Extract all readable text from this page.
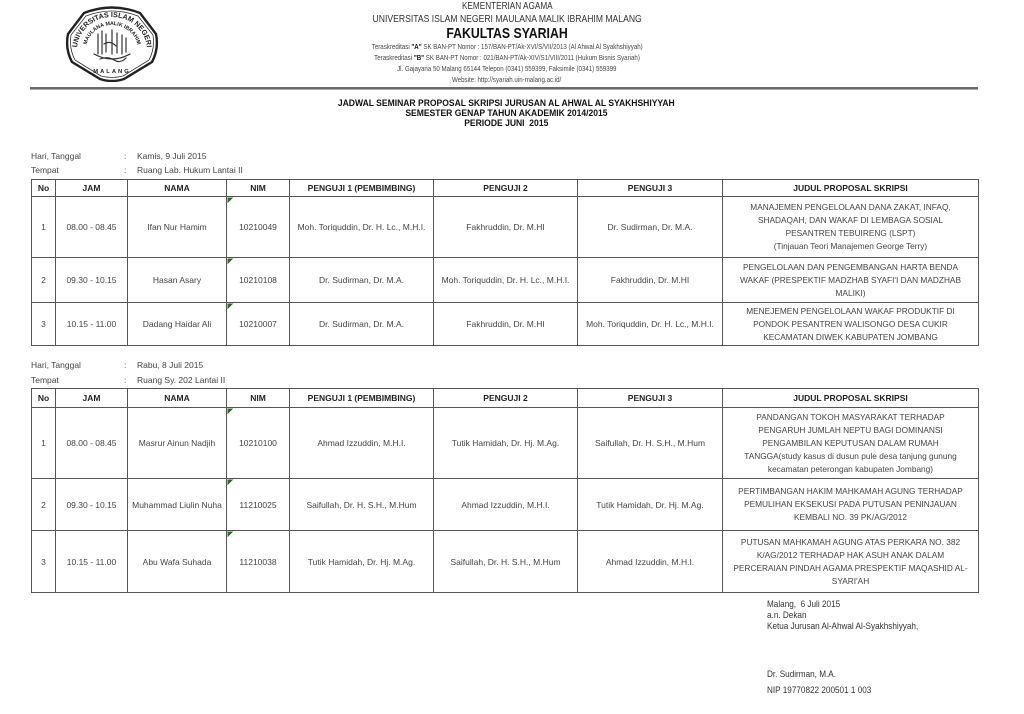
UNIVERSITAS ISLAM NEGERI
MAULANA MALIK IBRAHIM
MALANG
KEMENTERIAN AGAMA
UNIVERSITAS ISLAM NEGERI MAULANA MALIK IBRAHIM MALANG
FAKULTAS SYARIAH
Teraskreditasi "A" SK BAN-PT Nomor : 157/BAN-PT/Ak-XVI/S/VII/2013 (Al Ahwal Al Syakhshiyyah)
Teraskreditasi "B" SK BAN-PT Nomor : 021/BAN-PT/Ak-XIV/S1/VIII/2011 (Hukum Bisnis Syariah)
Jl. Gajayana 50 Malang 65144 Telepon (0341) 559399, Faksimile (0341) 559399
Website: http://syariah.uin-malang.ac.id/
JADWAL SEMINAR PROPOSAL SKRIPSI JURUSAN AL AHWAL AL SYAKHSHIYYAH
SEMESTER GENAP TAHUN AKADEMIK 2014/2015
PERIODE JUNI  2015
Hari, Tanggal	: Kamis, 9 Juli 2015
Tempat	: Ruang Lab. Hukum Lantai II
No	JAM	NAMA	NIM	PENGUJI 1 (PEMBIMBING)	PENGUJI 2	PENGUJI 3	JUDUL PROPOSAL SKRIPSI
1	08.00 - 08.45	Ifan Nur Hamim	10210049	Moh. Toriquddin, Dr. H. Lc., M.H.I.	Fakhruddin, Dr. M.HI	Dr. Sudirman, Dr. M.A.	MANAJEMEN PENGELOLAAN DANA ZAKAT, INFAQ,
SHADAQAH, DAN WAKAF DI LEMBAGA SOSIAL
PESANTREN TEBUIRENG (LSPT)
(Tinjauan Teori Manajemen George Terry)

2	09.30 - 10.15	Hasan Asary	10210108	Dr. Sudirman, Dr. M.A.	Moh. Toriquddin, Dr. H. Lc., M.H.I.	Fakhruddin, Dr. M.HI	PENGELOLAAN DAN PENGEMBANGAN HARTA BENDA
WAKAF (PRESPEKTIF MADZHAB SYAFI'I DAN MADZHAB
MALIKI)

3	10.15 - 11.00	Dadang Haidar Ali	10210007	Dr. Sudirman, Dr. M.A.	Fakhruddin, Dr. M.HI	Moh. Toriquddin, Dr. H. Lc., M.H.I.	MENEJEMEN PENGELOLAAN WAKAF PRODUKTIF DI
PONDOK PESANTREN WALISONGO DESA CUKIR
KECAMATAN DIWEK KABUPATEN JOMBANG
Hari, Tanggal	: Rabu, 8 Juli 2015
Tempat	: Ruang Sy. 202 Lantai II
No	JAM	NAMA	NIM	PENGUJI 1 (PEMBIMBING)	PENGUJI 2	PENGUJI 3	JUDUL PROPOSAL SKRIPSI
1	08.00 - 08.45	Masrur Ainun Nadjih	10210100	Ahmad Izzuddin, M.H.I.	Tutik Hamidah, Dr. Hj. M.Ag.	Saifullah, Dr. H. S.H., M.Hum	PANDANGAN TOKOH MASYARAKAT TERHADAP
PENGARUH JUMLAH NEPTU BAGI DOMINANSI
PENGAMBILAN KEPUTUSAN DALAM RUMAH
TANGGA(study kasus di dusun pule desa tanjung gunung
kecamatan peterongan kabupaten Jombang)

2	09.30 - 10.15	Muhammad Liulin Nuha	11210025	Saifullah, Dr. H. S.H., M.Hum	Ahmad Izzuddin, M.H.I.	Tutik Hamidah, Dr. Hj. M.Ag.	PERTIMBANGAN HAKIM MAHKAMAH AGUNG TERHADAP
PEMULIHAN EKSEKUSI PADA PUTUSAN PENINJAUAN
KEMBALI NO. 39 PK/AG/2012

3	10.15 - 11.00	Abu Wafa Suhada	11210038	Tutik Hamidah, Dr. Hj. M.Ag.	Saifullah, Dr. H. S.H., M.Hum	Ahmad Izzuddin, M.H.I.	PUTUSAN MAHKAMAH AGUNG ATAS PERKARA NO. 382
K/AG/2012 TERHADAP HAK ASUH ANAK DALAM
PERCERAIAN PINDAH AGAMA PRESPEKTIF MAQASHID AL-
SYARI'AH
Malang,  6 Juli 2015
a.n. Dekan
Ketua Jurusan Al-Ahwal Al-Syakhshiyyah,
Dr. Sudirman, M.A.
NIP 19770822 200501 1 003
